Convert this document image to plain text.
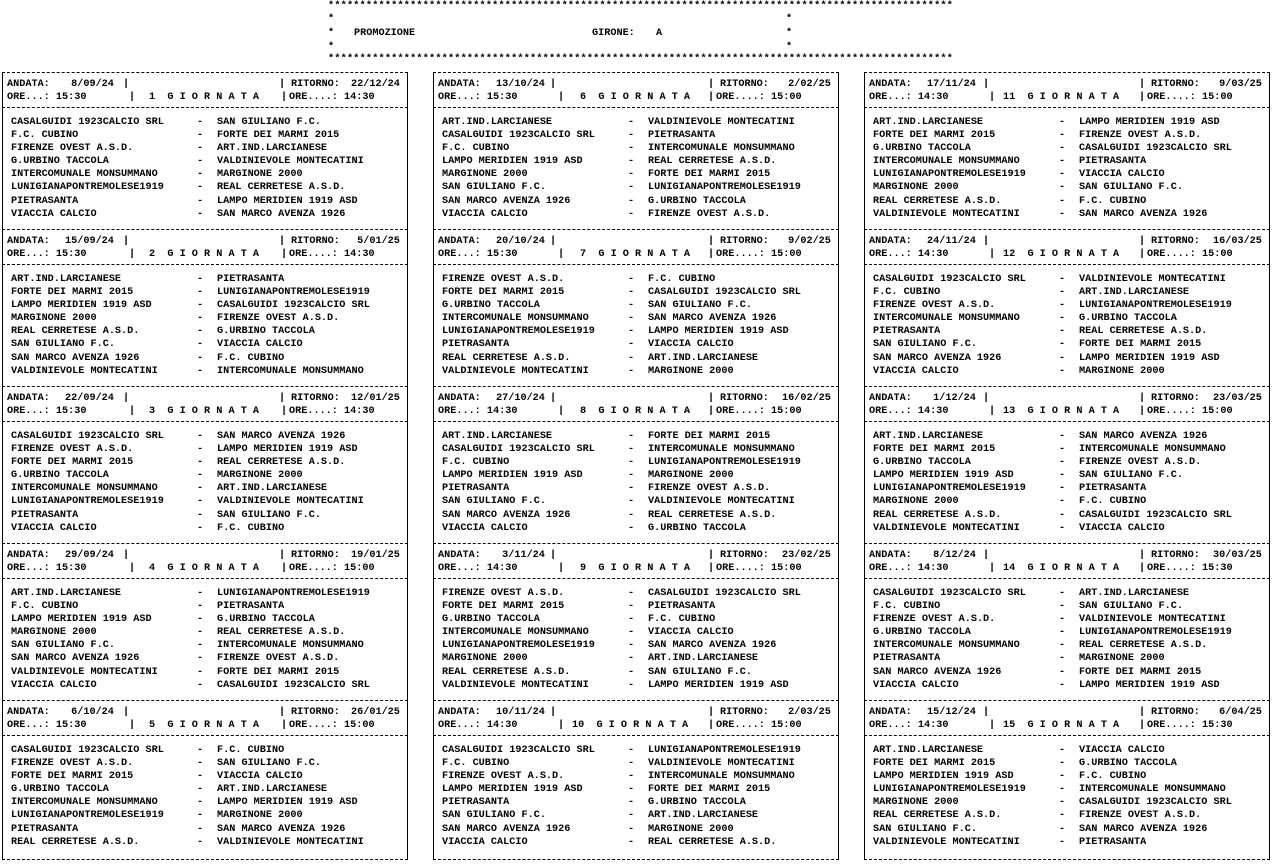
***************************************************************************************************
*
*
*
*
*
*
PROMOZIONE	GIRONE: A
***************************************************************************************************
ANDATA: 8/09/24 |	| RITORNO: 22/12/24
ORE...: 15:30	| 1  G I O R N A T A | ORE....: 14:30
CASALGUIDI 1923CALCIO SRL	- SAN GIULIANO F.C.
F.C. CUBINO	- FORTE DEI MARMI 2015
FIRENZE OVEST A.S.D.	- ART.IND.LARCIANESE
G.URBINO TACCOLA	- VALDINIEVOLE MONTECATINI
INTERCOMUNALE MONSUMMANO	- MARGINONE 2000
LUNIGIANAPONTREMOLESE1919	- REAL CERRETESE A.S.D.
PIETRASANTA	- LAMPO MERIDIEN 1919 ASD
VIACCIA CALCIO	- SAN MARCO AVENZA 1926
ANDATA: 15/09/24 |	| RITORNO: 5/01/25
ORE...: 15:30	| 2  G I O R N A T A | ORE....: 14:30
ART.IND.LARCIANESE	- PIETRASANTA
FORTE DEI MARMI 2015	- LUNIGIANAPONTREMOLESE1919
LAMPO MERIDIEN 1919 ASD	- CASALGUIDI 1923CALCIO SRL
MARGINONE 2000	- FIRENZE OVEST A.S.D.
REAL CERRETESE A.S.D.	- G.URBINO TACCOLA
SAN GIULIANO F.C.	- VIACCIA CALCIO
SAN MARCO AVENZA 1926	- F.C. CUBINO
VALDINIEVOLE MONTECATINI	- INTERCOMUNALE MONSUMMANO
ANDATA: 22/09/24 |	| RITORNO: 12/01/25
ORE...: 15:30	| 3  G I O R N A T A | ORE....: 14:30
CASALGUIDI 1923CALCIO SRL	- SAN MARCO AVENZA 1926
FIRENZE OVEST A.S.D.	- LAMPO MERIDIEN 1919 ASD
FORTE DEI MARMI 2015	- REAL CERRETESE A.S.D.
G.URBINO TACCOLA	- MARGINONE 2000
INTERCOMUNALE MONSUMMANO	- ART.IND.LARCIANESE
LUNIGIANAPONTREMOLESE1919	- VALDINIEVOLE MONTECATINI
PIETRASANTA	- SAN GIULIANO F.C.
VIACCIA CALCIO	- F.C. CUBINO
ANDATA: 29/09/24 |	| RITORNO: 19/01/25
ORE...: 15:30	| 4  G I O R N A T A | ORE....: 15:00
ART.IND.LARCIANESE	- LUNIGIANAPONTREMOLESE1919
F.C. CUBINO	- PIETRASANTA
LAMPO MERIDIEN 1919 ASD	- G.URBINO TACCOLA
MARGINONE 2000	- REAL CERRETESE A.S.D.
SAN GIULIANO F.C.	- INTERCOMUNALE MONSUMMANO
SAN MARCO AVENZA 1926	- FIRENZE OVEST A.S.D.
VALDINIEVOLE MONTECATINI	- FORTE DEI MARMI 2015
VIACCIA CALCIO	- CASALGUIDI 1923CALCIO SRL
ANDATA: 6/10/24 |	| RITORNO: 26/01/25
ORE...: 15:30	| 5  G I O R N A T A | ORE....: 15:00
CASALGUIDI 1923CALCIO SRL	- F.C. CUBINO
FIRENZE OVEST A.S.D.	- SAN GIULIANO F.C.
FORTE DEI MARMI 2015	- VIACCIA CALCIO
G.URBINO TACCOLA	- ART.IND.LARCIANESE
INTERCOMUNALE MONSUMMANO	- LAMPO MERIDIEN 1919 ASD
LUNIGIANAPONTREMOLESE1919	- MARGINONE 2000
PIETRASANTA	- SAN MARCO AVENZA 1926
REAL CERRETESE A.S.D.	- VALDINIEVOLE MONTECATINI
ANDATA: 13/10/24 |	| RITORNO: 2/02/25
ORE...: 15:30	| 6  G I O R N A T A | ORE....: 15:00
ART.IND.LARCIANESE	- VALDINIEVOLE MONTECATINI
CASALGUIDI 1923CALCIO SRL	- PIETRASANTA
F.C. CUBINO	- INTERCOMUNALE MONSUMMANO
LAMPO MERIDIEN 1919 ASD	- REAL CERRETESE A.S.D.
MARGINONE 2000	- FORTE DEI MARMI 2015
SAN GIULIANO F.C.	- LUNIGIANAPONTREMOLESE1919
SAN MARCO AVENZA 1926	- G.URBINO TACCOLA
VIACCIA CALCIO	- FIRENZE OVEST A.S.D.
ANDATA: 20/10/24 |	| RITORNO: 9/02/25
ORE...: 15:30	| 7  G I O R N A T A | ORE....: 15:00
FIRENZE OVEST A.S.D.	- F.C. CUBINO
FORTE DEI MARMI 2015	- CASALGUIDI 1923CALCIO SRL
G.URBINO TACCOLA	- SAN GIULIANO F.C.
INTERCOMUNALE MONSUMMANO	- SAN MARCO AVENZA 1926
LUNIGIANAPONTREMOLESE1919	- LAMPO MERIDIEN 1919 ASD
PIETRASANTA	- VIACCIA CALCIO
REAL CERRETESE A.S.D.	- ART.IND.LARCIANESE
VALDINIEVOLE MONTECATINI	- MARGINONE 2000
ANDATA: 27/10/24 |	| RITORNO: 16/02/25
ORE...: 14:30	| 8  G I O R N A T A | ORE....: 15:00
ART.IND.LARCIANESE	- FORTE DEI MARMI 2015
CASALGUIDI 1923CALCIO SRL	- INTERCOMUNALE MONSUMMANO
F.C. CUBINO	- LUNIGIANAPONTREMOLESE1919
LAMPO MERIDIEN 1919 ASD	- MARGINONE 2000
PIETRASANTA	- FIRENZE OVEST A.S.D.
SAN GIULIANO F.C.	- VALDINIEVOLE MONTECATINI
SAN MARCO AVENZA 1926	- REAL CERRETESE A.S.D.
VIACCIA CALCIO	- G.URBINO TACCOLA
ANDATA: 3/11/24 |	| RITORNO: 23/02/25
ORE...: 14:30	| 9  G I O R N A T A | ORE....: 15:00
FIRENZE OVEST A.S.D.	- CASALGUIDI 1923CALCIO SRL
FORTE DEI MARMI 2015	- PIETRASANTA
G.URBINO TACCOLA	- F.C. CUBINO
INTERCOMUNALE MONSUMMANO	- VIACCIA CALCIO
LUNIGIANAPONTREMOLESE1919	- SAN MARCO AVENZA 1926
MARGINONE 2000	- ART.IND.LARCIANESE
REAL CERRETESE A.S.D.	- SAN GIULIANO F.C.
VALDINIEVOLE MONTECATINI	- LAMPO MERIDIEN 1919 ASD
ANDATA: 10/11/24 |	| RITORNO: 2/03/25
ORE...: 14:30	| 10  G I O R N A T A | ORE....: 15:00
CASALGUIDI 1923CALCIO SRL	- LUNIGIANAPONTREMOLESE1919
F.C. CUBINO	- VALDINIEVOLE MONTECATINI
FIRENZE OVEST A.S.D.	- INTERCOMUNALE MONSUMMANO
LAMPO MERIDIEN 1919 ASD	- FORTE DEI MARMI 2015
PIETRASANTA	- G.URBINO TACCOLA
SAN GIULIANO F.C.	- ART.IND.LARCIANESE
SAN MARCO AVENZA 1926	- MARGINONE 2000
VIACCIA CALCIO	- REAL CERRETESE A.S.D.
ANDATA: 17/11/24 |	| RITORNO: 9/03/25
ORE...: 14:30	| 11  G I O R N A T A | ORE....: 15:00
ART.IND.LARCIANESE	- LAMPO MERIDIEN 1919 ASD
FORTE DEI MARMI 2015	- FIRENZE OVEST A.S.D.
G.URBINO TACCOLA	- CASALGUIDI 1923CALCIO SRL
INTERCOMUNALE MONSUMMANO	- PIETRASANTA
LUNIGIANAPONTREMOLESE1919	- VIACCIA CALCIO
MARGINONE 2000	- SAN GIULIANO F.C.
REAL CERRETESE A.S.D.	- F.C. CUBINO
VALDINIEVOLE MONTECATINI	- SAN MARCO AVENZA 1926
ANDATA: 24/11/24 |	| RITORNO: 16/03/25
ORE...: 14:30	| 12  G I O R N A T A | ORE....: 15:00
CASALGUIDI 1923CALCIO SRL	- VALDINIEVOLE MONTECATINI
F.C. CUBINO	- ART.IND.LARCIANESE
FIRENZE OVEST A.S.D.	- LUNIGIANAPONTREMOLESE1919
INTERCOMUNALE MONSUMMANO	- G.URBINO TACCOLA
PIETRASANTA	- REAL CERRETESE A.S.D.
SAN GIULIANO F.C.	- FORTE DEI MARMI 2015
SAN MARCO AVENZA 1926	- LAMPO MERIDIEN 1919 ASD
VIACCIA CALCIO	- MARGINONE 2000
ANDATA: 1/12/24 |	| RITORNO: 23/03/25
ORE...: 14:30	| 13  G I O R N A T A | ORE....: 15:00
ART.IND.LARCIANESE	- SAN MARCO AVENZA 1926
FORTE DEI MARMI 2015	- INTERCOMUNALE MONSUMMANO
G.URBINO TACCOLA	- FIRENZE OVEST A.S.D.
LAMPO MERIDIEN 1919 ASD	- SAN GIULIANO F.C.
LUNIGIANAPONTREMOLESE1919	- PIETRASANTA
MARGINONE 2000	- F.C. CUBINO
REAL CERRETESE A.S.D.	- CASALGUIDI 1923CALCIO SRL
VALDINIEVOLE MONTECATINI	- VIACCIA CALCIO
ANDATA: 8/12/24 |	| RITORNO: 30/03/25
ORE...: 14:30	| 14  G I O R N A T A | ORE....: 15:30
CASALGUIDI 1923CALCIO SRL	- ART.IND.LARCIANESE
F.C. CUBINO	- SAN GIULIANO F.C.
FIRENZE OVEST A.S.D.	- VALDINIEVOLE MONTECATINI
G.URBINO TACCOLA	- LUNIGIANAPONTREMOLESE1919
INTERCOMUNALE MONSUMMANO	- REAL CERRETESE A.S.D.
PIETRASANTA	- MARGINONE 2000
SAN MARCO AVENZA 1926	- FORTE DEI MARMI 2015
VIACCIA CALCIO	- LAMPO MERIDIEN 1919 ASD
ANDATA: 15/12/24 |	| RITORNO: 6/04/25
ORE...: 14:30	| 15  G I O R N A T A | ORE....: 15:30
ART.IND.LARCIANESE	- VIACCIA CALCIO
FORTE DEI MARMI 2015	- G.URBINO TACCOLA
LAMPO MERIDIEN 1919 ASD	- F.C. CUBINO
LUNIGIANAPONTREMOLESE1919	- INTERCOMUNALE MONSUMMANO
MARGINONE 2000	- CASALGUIDI 1923CALCIO SRL
REAL CERRETESE A.S.D.	- FIRENZE OVEST A.S.D.
SAN GIULIANO F.C.	- SAN MARCO AVENZA 1926
VALDINIEVOLE MONTECATINI	- PIETRASANTA
